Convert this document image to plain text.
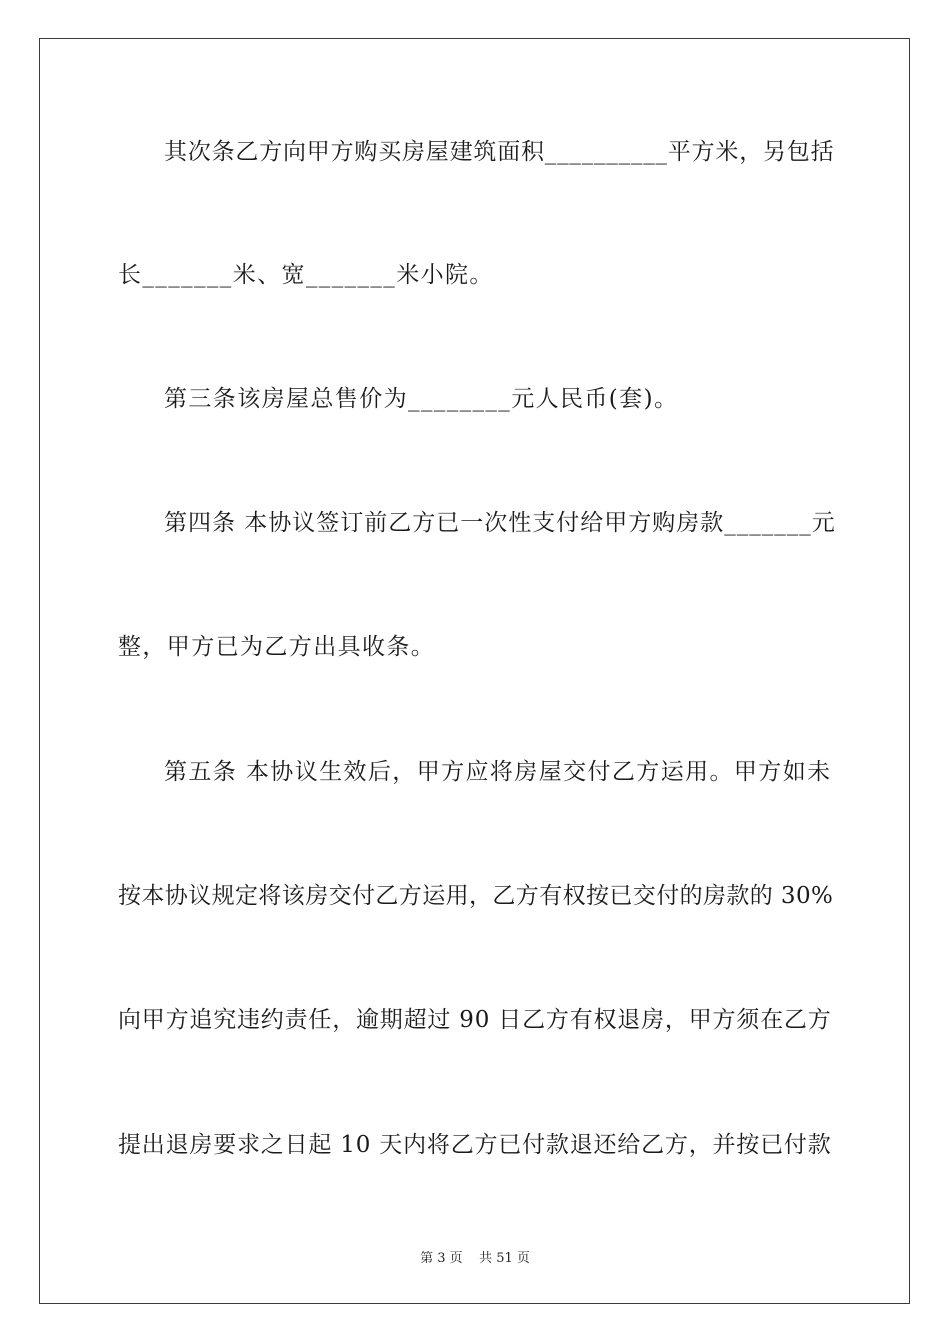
其次条乙方向甲方购买房屋建筑面积__________平方米，另包括
长_______米、宽_______米小院。
第三条该房屋总售价为________元人民币(套)。
第四条 本协议签订前乙方已一次性支付给甲方购房款_______元
整，甲方已为乙方出具收条。
第五条 本协议生效后，甲方应将房屋交付乙方运用。甲方如未
按本协议规定将该房交付乙方运用，乙方有权按已交付的房款的 30%
向甲方追究违约责任，逾期超过 90 日乙方有权退房，甲方须在乙方
提出退房要求之日起 10 天内将乙方已付款退还给乙方，并按已付款
第 3 页    共 51 页
